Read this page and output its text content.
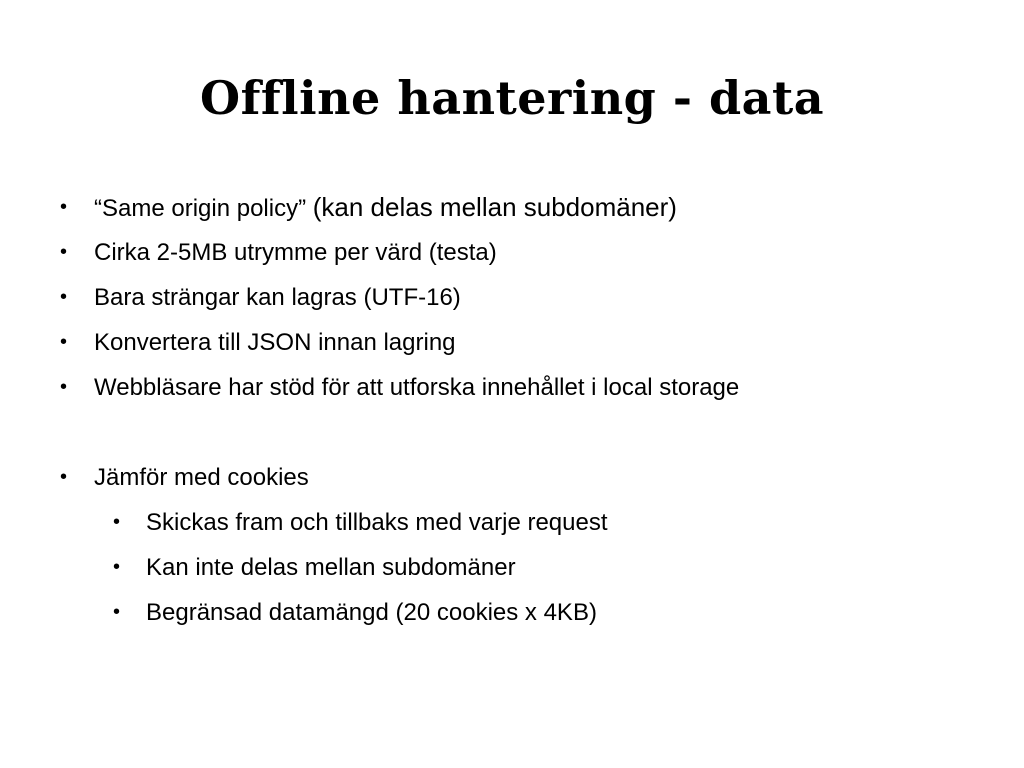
Offline hantering - data
• “Same origin policy” (kan delas mellan subdomäner)
• Cirka 2-5MB utrymme per värd (testa)
• Bara strängar kan lagras (UTF-16)
• Konvertera till JSON innan lagring
• Webbläsare har stöd för att utforska innehållet i local storage
• Jämför med cookies
• Skickas fram och tillbaks med varje request
• Kan inte delas mellan subdomäner
• Begränsad datamängd (20 cookies x 4KB)
